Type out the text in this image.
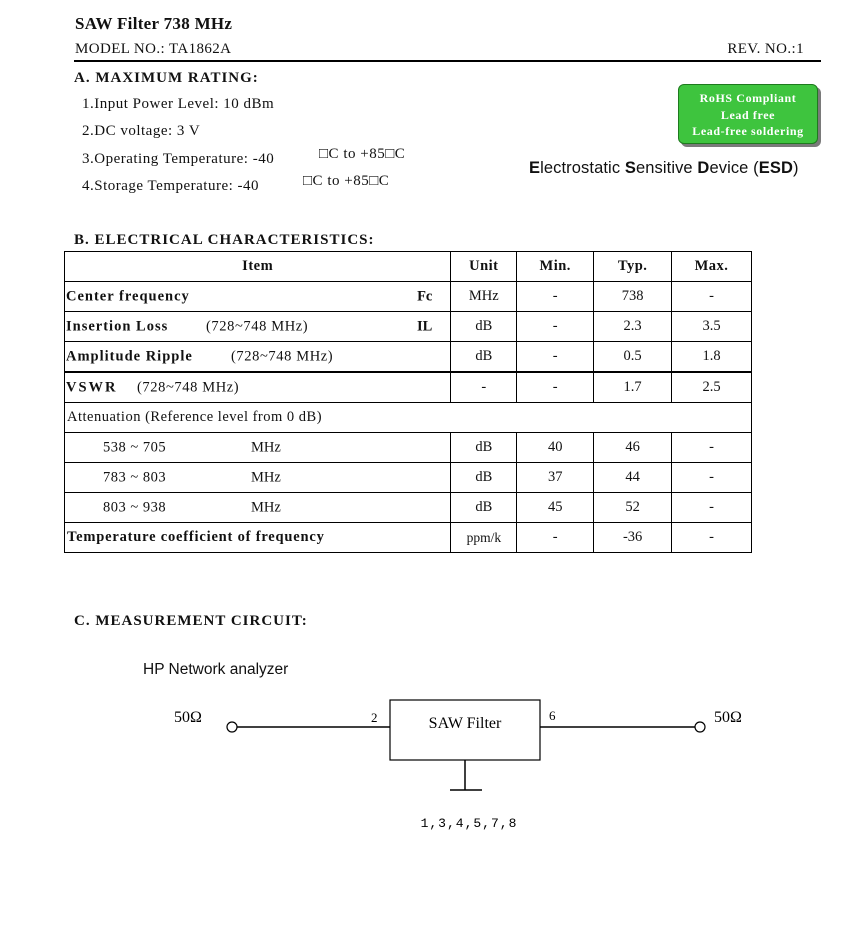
SAW Filter 738 MHz
MODEL NO.: TA1862A	REV. NO.:1
A. MAXIMUM RATING:
1.Input Power Level: 10 dBm
2.DC voltage: 3 V
3.Operating Temperature: -40	□C to +85□C
4.Storage Temperature: -40	□C to +85□C
RoHS Compliant
Lead free
Lead-free soldering
Electrostatic Sensitive Device (ESD)
B. ELECTRICAL CHARACTERISTICS:
Item	Unit	Min.	Typ.	Max.

Center frequency Fc	MHz	-	738	-

Insertion Loss (728~748 MHz) IL	dB	-	2.3	3.5

Amplitude Ripple (728~748 MHz)	dB	-	0.5	1.8

VSWR (728~748 MHz)	-	-	1.7	2.5
Attenuation (Reference level from 0 dB)				

538 ~ 705 MHz	dB	40	46	-

783 ~ 803 MHz	dB	37	44	-

803 ~ 938 MHz	dB	45	52	-
Temperature coefficient of frequency	ppm/k	-	-36	-
C. MEASUREMENT CIRCUIT:
HP Network analyzer
50Ω	50Ω
2	6
SAW Filter
1,3,4,5,7,8
